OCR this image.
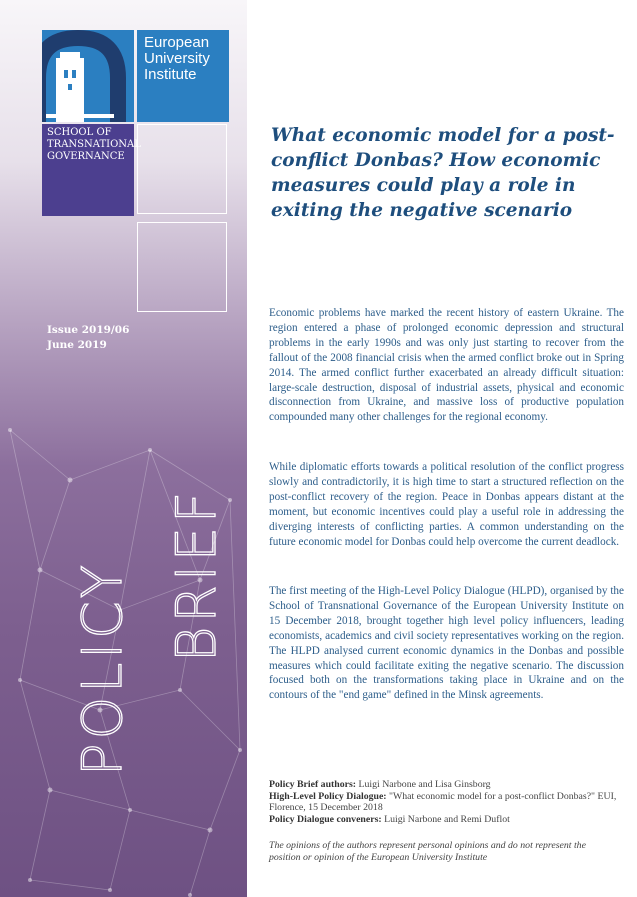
European
University
Institute
SCHOOL OF
TRANSNATIONAL
GOVERNANCE
Issue 2019/06
June 2019
POLICY BRIEF
What economic model for a post-conflict Donbas? How economic measures could play a role in exiting the negative scenario

Economic problems have marked the recent history of eastern Ukraine. The region entered a phase of prolonged economic depression and structural problems in the early 1990s and was only just starting to recover from the fallout of the 2008 financial crisis when the armed conflict broke out in Spring 2014. The armed conflict further exacerbated an already difficult situation: large-scale destruction, disposal of industrial assets, physical and economic disconnection from Ukraine, and massive loss of productive population compounded many other challenges for the regional economy.

While diplomatic efforts towards a political resolution of the conflict progress slowly and contradictorily, it is high time to start a structured reflection on the post-conflict recovery of the region. Peace in Donbas appears distant at the moment, but economic incentives could play a useful role in addressing the diverging interests of conflicting parties. A common understanding on the future economic model for Donbas could help overcome the current deadlock.

The first meeting of the High-Level Policy Dialogue (HLPD), organised by the School of Transnational Governance of the European University Institute on 15 December 2018, brought together high level policy influencers, leading economists, academics and civil society representatives working on the region. The HLPD analysed current economic dynamics in the Donbas and possible measures which could facilitate exiting the negative scenario. The discussion focused both on the transformations taking place in Ukraine and on the contours of the "end game" defined in the Minsk agreements.

Policy Brief authors: Luigi Narbone and Lisa Ginsborg
High-Level Policy Dialogue: "What economic model for a post-conflict Donbas?" EUI, Florence, 15 December 2018
Policy Dialogue conveners: Luigi Narbone and Remi Duflot

The opinions of the authors represent personal opinions and do not represent the position or opinion of the European University Institute
